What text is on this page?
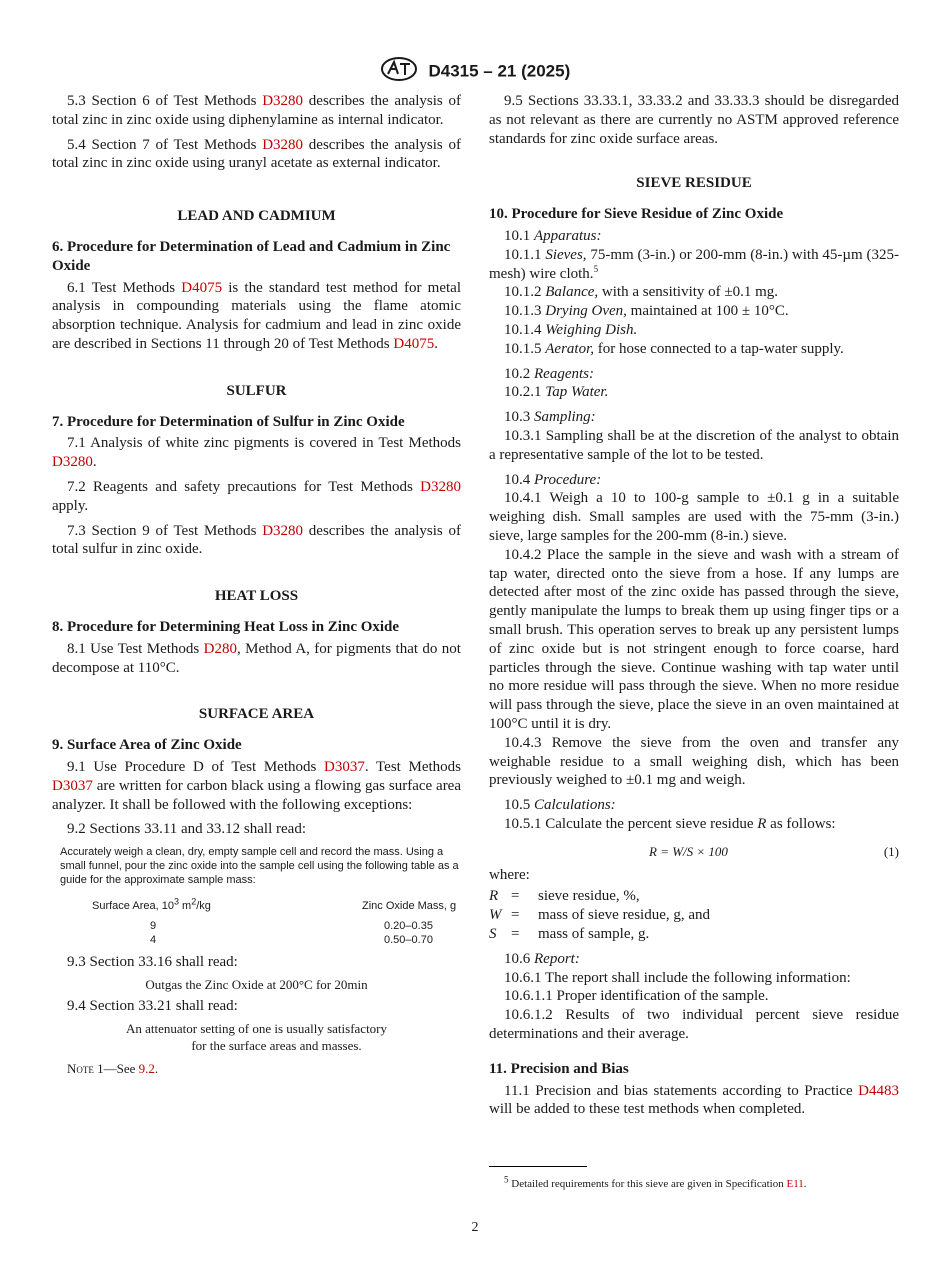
D4315 – 21 (2025)

5.3 Section 6 of Test Methods D3280 describes the analysis of total zinc in zinc oxide using diphenylamine as internal indicator.

5.4 Section 7 of Test Methods D3280 describes the analysis of total zinc in zinc oxide using uranyl acetate as external indicator.

LEAD AND CADMIUM
6. Procedure for Determination of Lead and Cadmium in Zinc Oxide

6.1 Test Methods D4075 is the standard test method for metal analysis in compounding materials using the flame atomic absorption technique. Analysis for cadmium and lead in zinc oxide are described in Sections 11 through 20 of Test Methods D4075.

SULFUR
7. Procedure for Determination of Sulfur in Zinc Oxide

7.1 Analysis of white zinc pigments is covered in Test Methods D3280.

7.2 Reagents and safety precautions for Test Methods D3280 apply.

7.3 Section 9 of Test Methods D3280 describes the analysis of total sulfur in zinc oxide.

HEAT LOSS
8. Procedure for Determining Heat Loss in Zinc Oxide

8.1 Use Test Methods D280, Method A, for pigments that do not decompose at 110°C.

SURFACE AREA
9. Surface Area of Zinc Oxide

9.1 Use Procedure D of Test Methods D3037. Test Methods D3037 are written for carbon black using a flowing gas surface area analyzer. It shall be followed with the following exceptions:

9.2 Sections 33.11 and 33.12 shall read:

Accurately weigh a clean, dry, empty sample cell and record the mass. Using a small funnel, pour the zinc oxide into the sample cell using the following table as a guide for the approximate sample mass:
Surface Area, $10^3$ $m^2/kg$	Zinc Oxide Mass, g
9	0.20–0.35
4	0.50–0.70

9.3 Section 33.16 shall read:

Outgas the Zinc Oxide at 200°C for 20min

9.4 Section 33.21 shall read:

An attenuator setting of one is usually satisfactory
for the surface areas and masses.
Note 1—See 9.2.

9.5 Sections 33.33.1, 33.33.2 and 33.33.3 should be disregarded as not relevant as there are currently no ASTM approved reference standards for zinc oxide surface areas.

SIEVE RESIDUE
10. Procedure for Sieve Residue of Zinc Oxide

10.1 Apparatus:

10.1.1 Sieves, 75-mm (3-in.) or 200-mm (8-in.) with 45-µm (325-mesh) wire cloth.$^5$

10.1.2 Balance, with a sensitivity of ±0.1 mg.

10.1.3 Drying Oven, maintained at 100 ± 10°C.

10.1.4 Weighing Dish.

10.1.5 Aerator, for hose connected to a tap-water supply.

10.2 Reagents:

10.2.1 Tap Water.

10.3 Sampling:

10.3.1 Sampling shall be at the discretion of the analyst to obtain a representative sample of the lot to be tested.

10.4 Procedure:

10.4.1 Weigh a 10 to 100-g sample to ±0.1 g in a suitable weighing dish. Small samples are used with the 75-mm (3-in.) sieve, large samples for the 200-mm (8-in.) sieve.

10.4.2 Place the sample in the sieve and wash with a stream of tap water, directed onto the sieve from a hose. If any lumps are detected after most of the zinc oxide has passed through the sieve, gently manipulate the lumps to break them up using finger tips or a small brush. This operation serves to break up any persistent lumps of zinc oxide but is not stringent enough to force coarse, hard particles through the sieve. Continue washing with tap water until no more residue will pass through the sieve. When no more residue will pass through the sieve, place the sieve in an oven maintained at 100°C until it is dry.

10.4.3 Remove the sieve from the oven and transfer any weighable residue to a small weighing dish, which has been previously weighed to ±0.1 mg and weigh.

10.5 Calculations:

10.5.1 Calculate the percent sieve residue R as follows:

R = W/S × 100	(1)

where:

R	=	sieve residue, %,
W	=	mass of sieve residue, g, and
S	=	mass of sample, g.

10.6 Report:

10.6.1 The report shall include the following information:

10.6.1.1 Proper identification of the sample.

10.6.1.2 Results of two individual percent sieve residue determinations and their average.

11. Precision and Bias

11.1 Precision and bias statements according to Practice D4483 will be added to these test methods when completed.

$^5$ Detailed requirements for this sieve are given in Specification E11.
2
